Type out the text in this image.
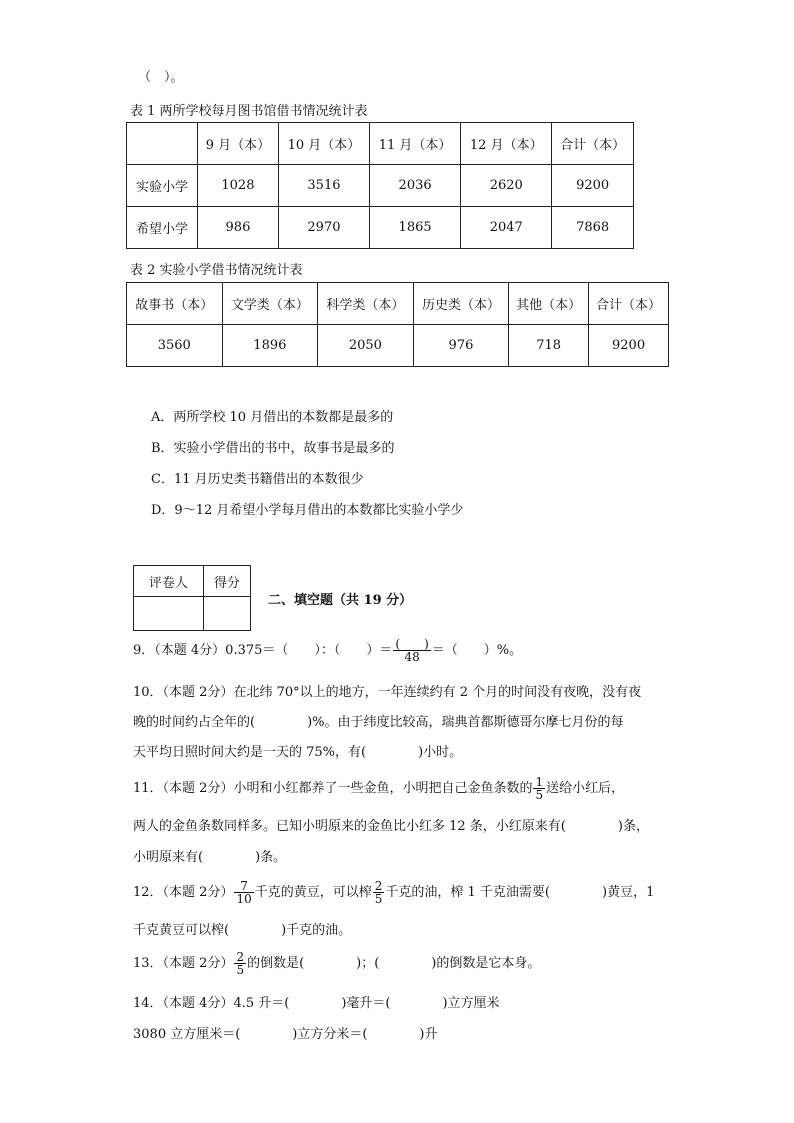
（　）。
表 1 两所学校每月图书馆借书情况统计表
	9 月（本）	10 月（本）	11 月（本）	12 月（本）	合计（本）
实验小学	1028	3516	2036	2620	9200
希望小学	986	2970	1865	2047	7868
表 2 实验小学借书情况统计表
故事书（本）	文学类（本）	科学类（本）	历史类（本）	其他（本）	合计（本）
3560	1896	2050	976	718	9200
A．两所学校 10 月借出的本数都是最多的
B．实验小学借出的书中，故事书是最多的
C．11 月历史类书籍借出的本数很少
D．9～12 月希望小学每月借出的本数都比实验小学少
评卷人	得分

二、填空题（共 19 分）
9．（本题 4分）0.375＝（　　）：（　　）＝ $\frac{( )}{48}$ ＝（　　）%。
10．（本题 2分）在北纬 70°以上的地方，一年连续约有 2 个月的时间没有夜晚，没有夜
晚的时间约占全年的(　　　　)%。由于纬度比较高，瑞典首都斯德哥尔摩七月份的每
天平均日照时间大约是一天的 75%，有(　　　　)小时。
11．（本题 2分）小明和小红都养了一些金鱼，小明把自己金鱼条数的 $\frac{1}{5}$ 送给小红后，
两人的金鱼条数同样多。已知小明原来的金鱼比小红多 12 条，小红原来有(　　　　)条，
小明原来有(　　　　)条。
12．（本题 2分） $\frac{7}{10}$ 千克的黄豆，可以榨 $\frac{2}{5}$ 千克的油，榨 1 千克油需要(　　　　)黄豆，1
千克黄豆可以榨(　　　　)千克的油。
13．（本题 2分） $\frac{2}{5}$ 的倒数是(　　　　)；(　　　　)的倒数是它本身。
14．（本题 4分）4.5 升＝(　　　　)毫升＝(　　　　)立方厘米
3080 立方厘米＝(　　　　)立方分米＝(　　　　)升
